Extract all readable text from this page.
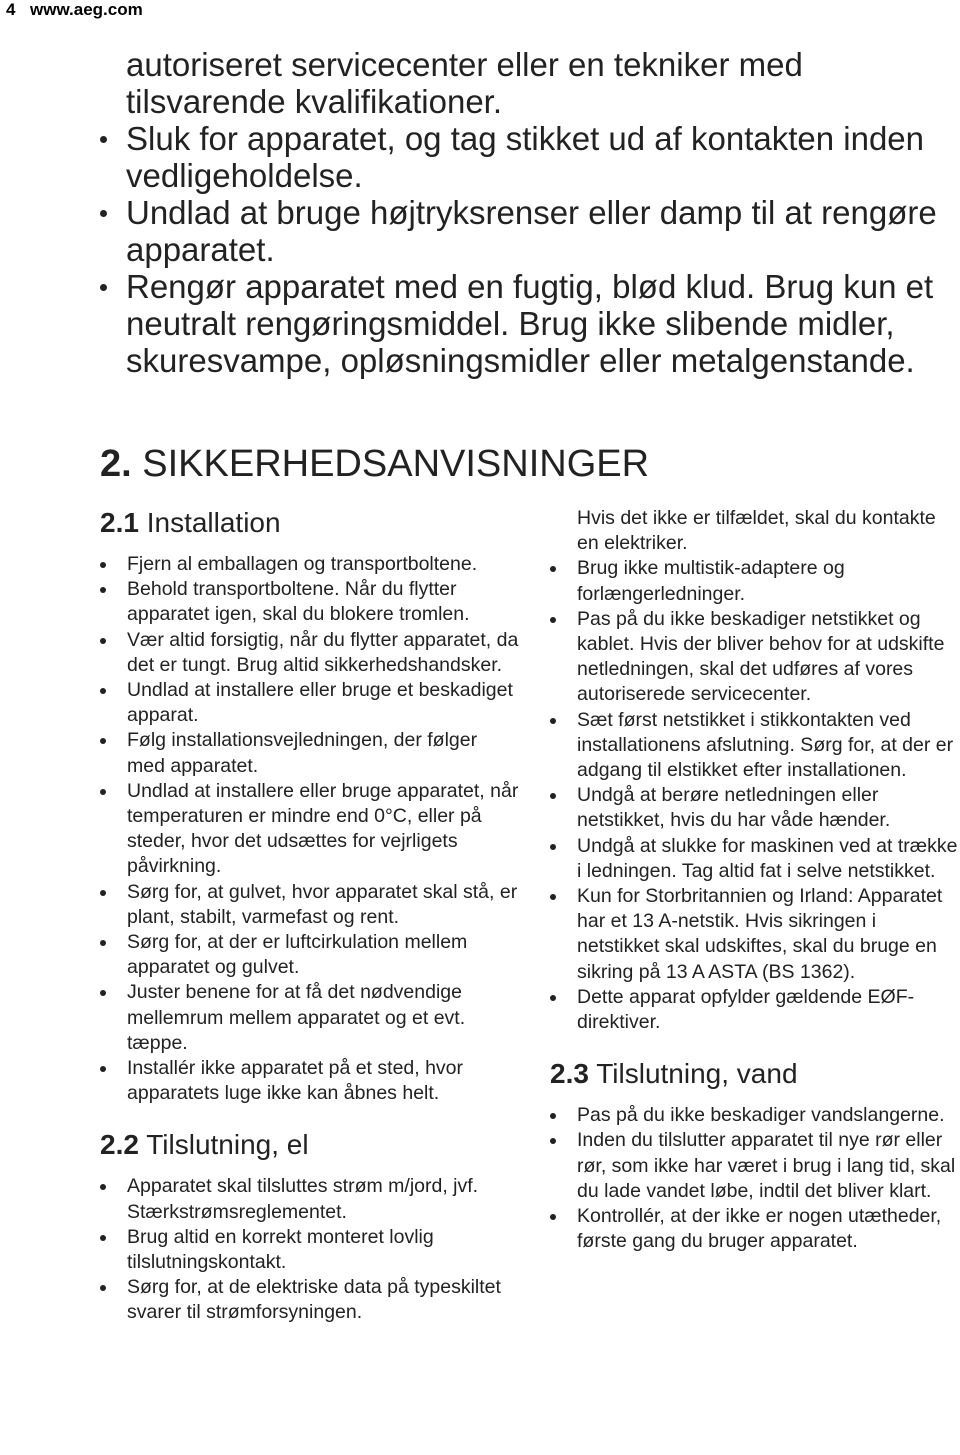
4 www.aeg.com
autoriseret servicecenter eller en tekniker med tilsvarende kvalifikationer.
Sluk for apparatet, og tag stikket ud af kontakten inden vedligeholdelse.
Undlad at bruge højtryksrenser eller damp til at rengøre apparatet.
Rengør apparatet med en fugtig, blød klud. Brug kun et neutralt rengøringsmiddel. Brug ikke slibende midler, skuresvampe, opløsningsmidler eller metalgenstande.
2. SIKKERHEDSANVISNINGER
2.1 Installation
Fjern al emballagen og transportboltene.
Behold transportboltene. Når du flytter apparatet igen, skal du blokere tromlen.
Vær altid forsigtig, når du flytter apparatet, da det er tungt. Brug altid sikkerhedshandsker.
Undlad at installere eller bruge et beskadiget apparat.
Følg installationsvejledningen, der følger med apparatet.
Undlad at installere eller bruge apparatet, når temperaturen er mindre end 0°C, eller på steder, hvor det udsættes for vejrligets påvirkning.
Sørg for, at gulvet, hvor apparatet skal stå, er plant, stabilt, varmefast og rent.
Sørg for, at der er luftcirkulation mellem apparatet og gulvet.
Juster benene for at få det nødvendige mellemrum mellem apparatet og et evt. tæppe.
Installér ikke apparatet på et sted, hvor apparatets luge ikke kan åbnes helt.
2.2 Tilslutning, el
Apparatet skal tilsluttes strøm m/jord, jvf. Stærkstrømsreglementet.
Brug altid en korrekt monteret lovlig tilslutningskontakt.
Sørg for, at de elektriske data på typeskiltet svarer til strømforsyningen.
Hvis det ikke er tilfældet, skal du kontakte en elektriker.
Brug ikke multistik-adaptere og forlængerledninger.
Pas på du ikke beskadiger netstikket og kablet. Hvis der bliver behov for at udskifte netledningen, skal det udføres af vores autoriserede servicecenter.
Sæt først netstikket i stikkontakten ved installationens afslutning. Sørg for, at der er adgang til elstikket efter installationen.
Undgå at berøre netledningen eller netstikket, hvis du har våde hænder.
Undgå at slukke for maskinen ved at trække i ledningen. Tag altid fat i selve netstikket.
Kun for Storbritannien og Irland: Apparatet har et 13 A-netstik. Hvis sikringen i netstikket skal udskiftes, skal du bruge en sikring på 13 A ASTA (BS 1362).
Dette apparat opfylder gældende EØF-direktiver.
2.3 Tilslutning, vand
Pas på du ikke beskadiger vandslangerne.
Inden du tilslutter apparatet til nye rør eller rør, som ikke har været i brug i lang tid, skal du lade vandet løbe, indtil det bliver klart.
Kontrollér, at der ikke er nogen utætheder, første gang du bruger apparatet.
